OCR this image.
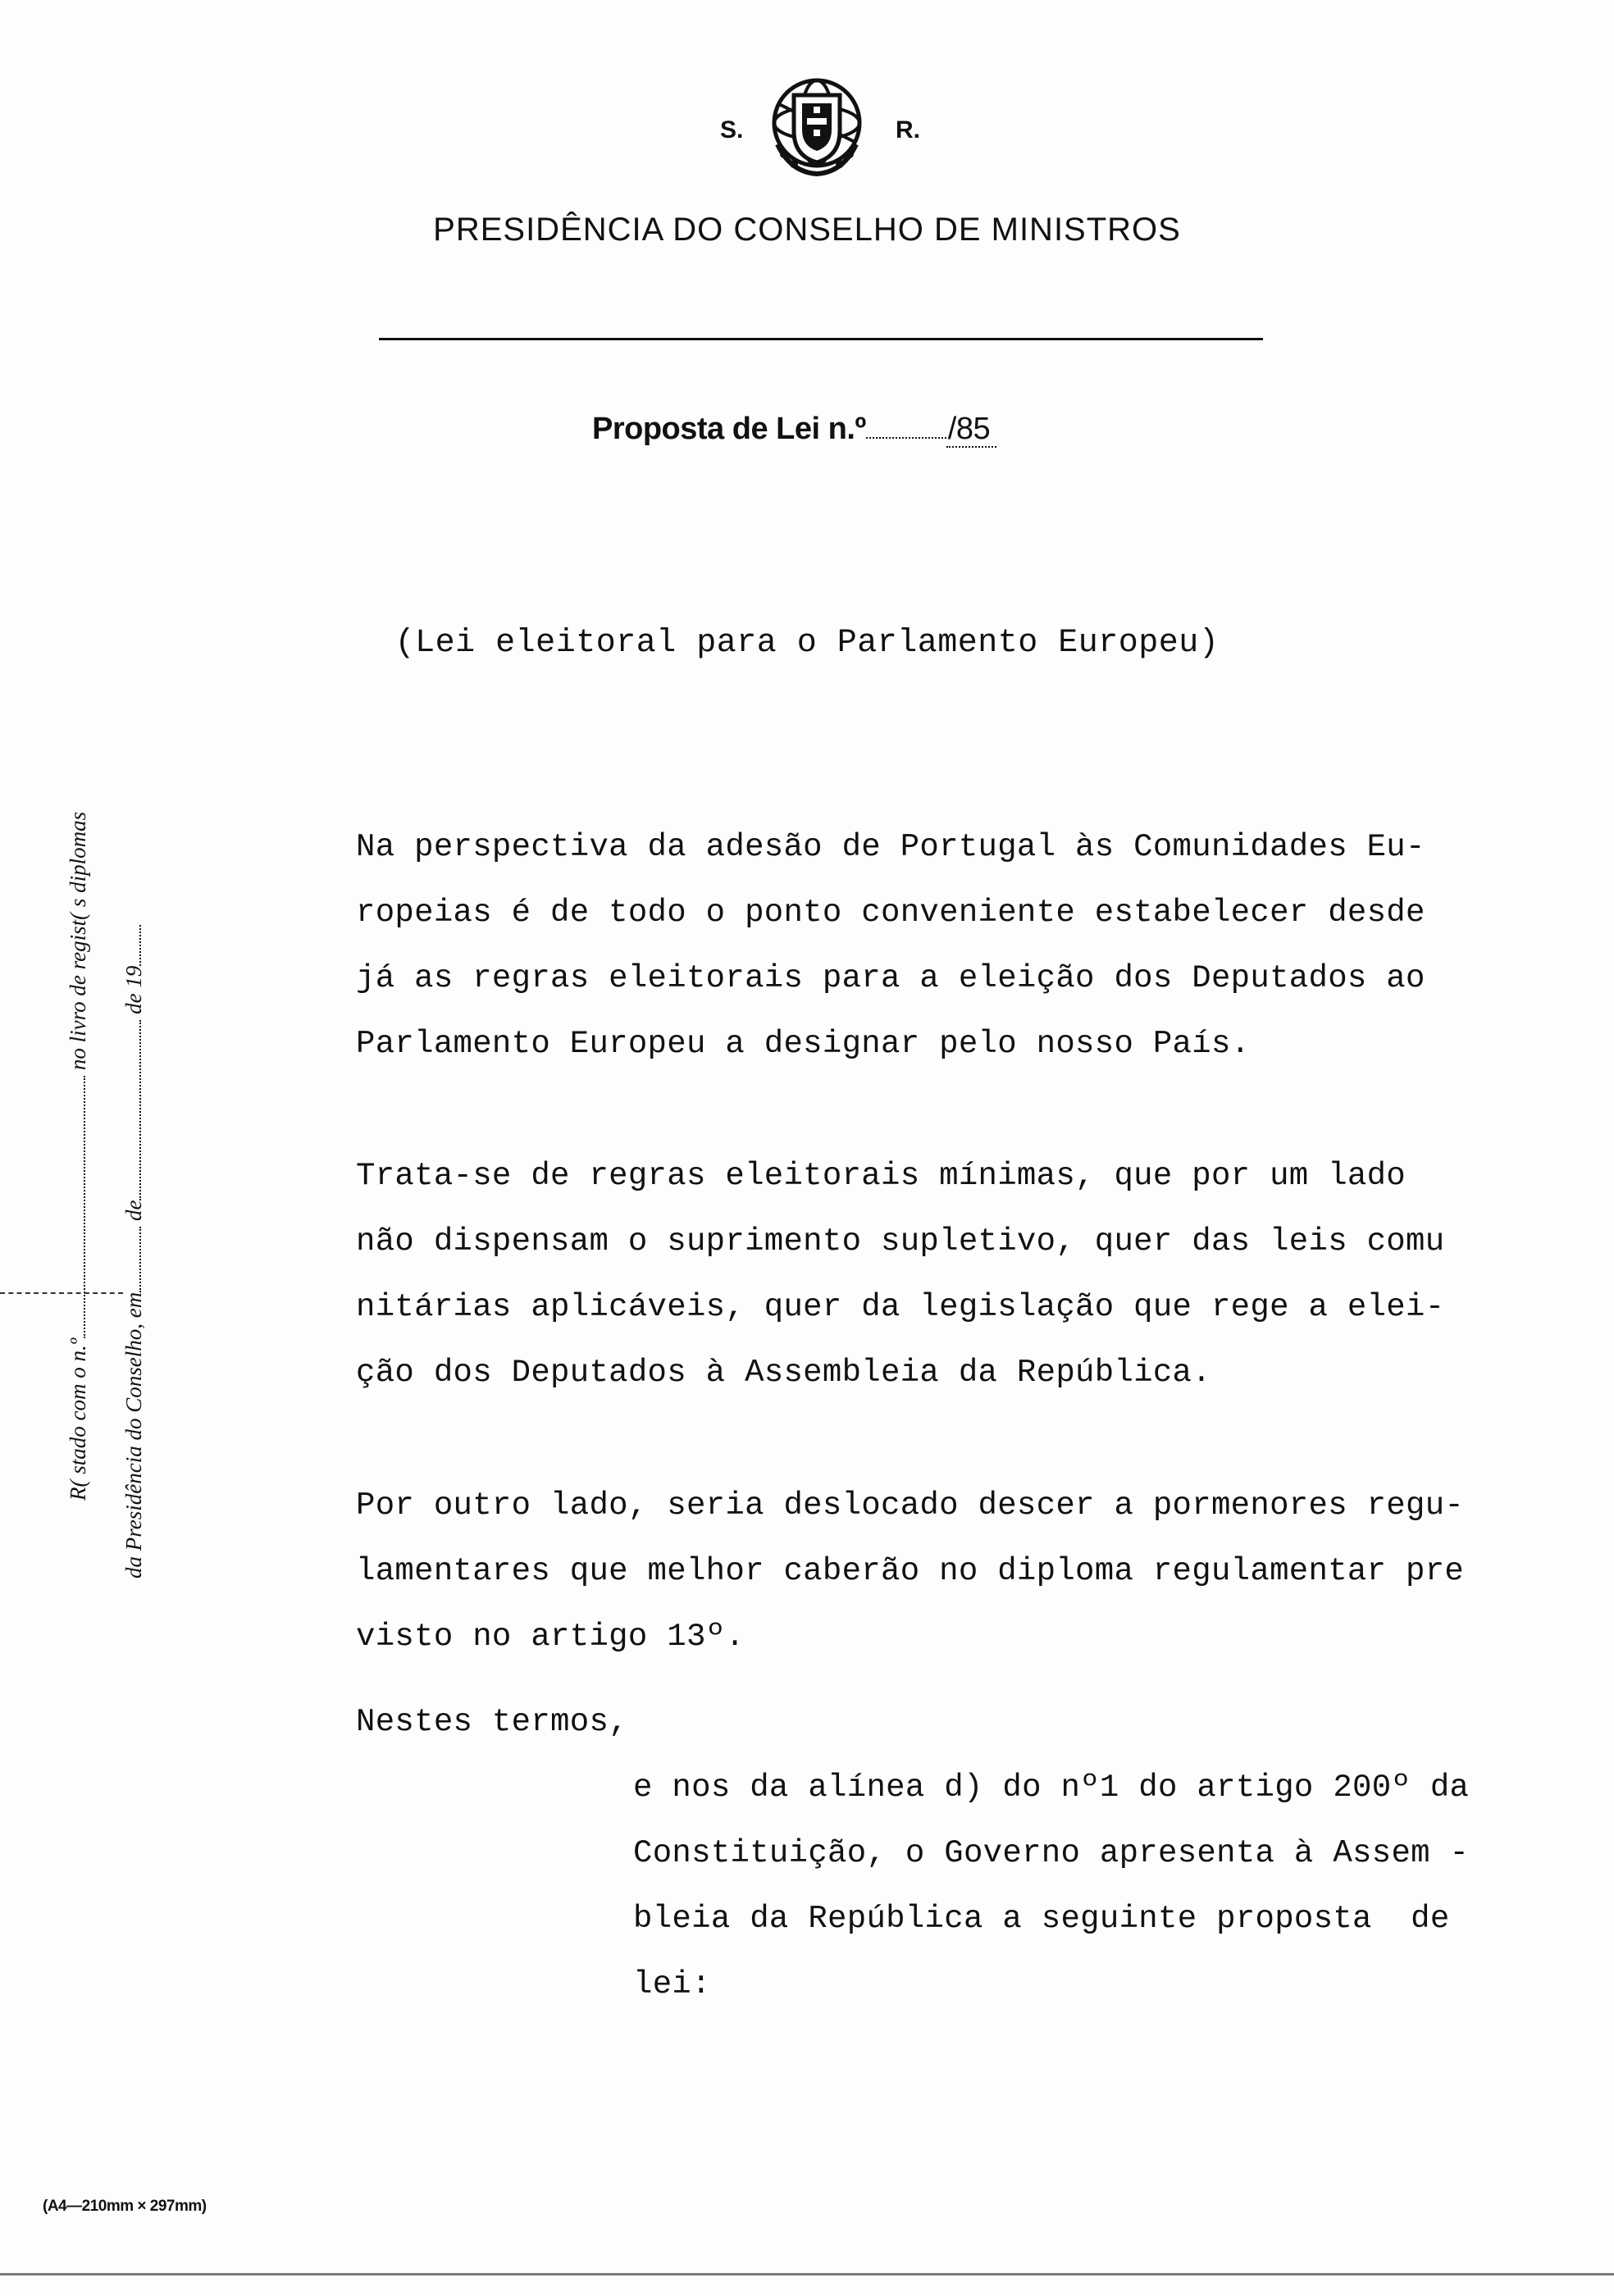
S.	R.
PRESIDÊNCIA DO CONSELHO DE MINISTROS
Proposta de Lei n.º	/85
(Lei eleitoral para o Parlamento Europeu)
Na perspectiva da adesão de Portugal às Comunidades Eu-
ropeias é de todo o ponto conveniente estabelecer desde
já as regras eleitorais para a eleição dos Deputados ao
Parlamento Europeu a designar pelo nosso País.
Trata-se de regras eleitorais mínimas, que por um lado
não dispensam o suprimento supletivo, quer das leis comu
nitárias aplicáveis, quer da legislação que rege a elei-
ção dos Deputados à Assembleia da República.
Por outro lado, seria deslocado descer a pormenores regu-
lamentares que melhor caberão no diploma regulamentar pre
visto no artigo 13º.
Nestes termos,
e nos da alínea d) do nº1 do artigo 200º da
Constituição, o Governo apresenta à Assem -
bleia da República a seguinte proposta  de
lei:
R( stado com o n.º no livro de regist( s diplomas
da Presidência do Conselho, em de de 19
(A4—210mm × 297mm)
